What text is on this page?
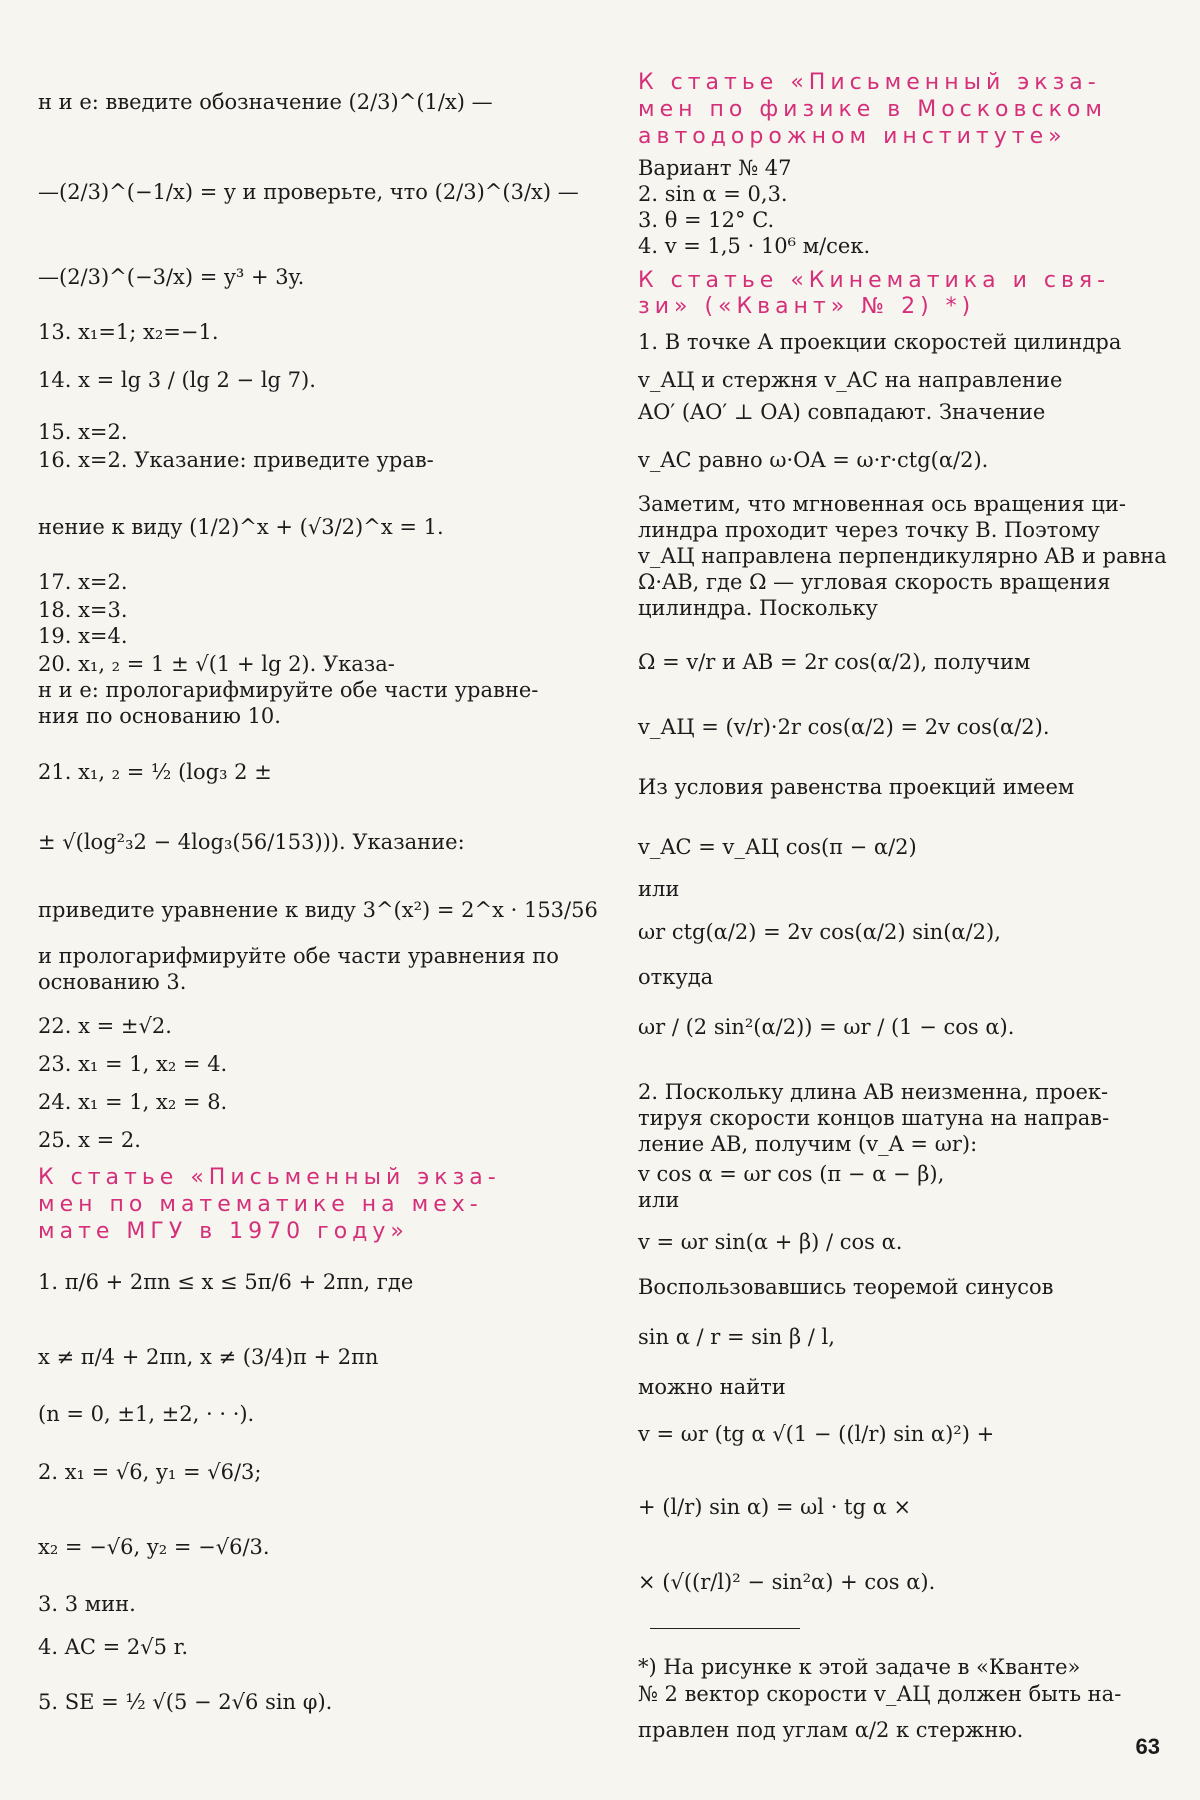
н и е: введите обозначение (2/3)^(1/x) —
—(2/3)^(−1/x) = y и проверьте, что (2/3)^(3/x) —
—(2/3)^(−3/x) = y³ + 3y.
13. x₁=1; x₂=−1.
14. x = lg 3 / (lg 2 − lg 7).
15. x=2.
16. x=2. Указание: приведите урав-
нение к виду (1/2)^x + (√3/2)^x = 1.
17. x=2.
18. x=3.
19. x=4.
20. x₁, ₂ = 1 ± √(1 + lg 2). Указа-
н и е: прологарифмируйте обе части уравне-
ния по основанию 10.
21. x₁, ₂ = ½ (log₃ 2 ±
± √(log²₃2 − 4log₃(56/153))). Указание:
приведите уравнение к виду 3^(x²) = 2^x · 153/56
и прологарифмируйте обе части уравнения по
основанию 3.
22. x = ±√2.
23. x₁ = 1, x₂ = 4.
24. x₁ = 1, x₂ = 8.
25. x = 2.
К статье «Письменный экза-
мен по математике на мех-
мате МГУ в 1970 году»
1. π/6 + 2πn ≤ x ≤ 5π/6 + 2πn, где
x ≠ π/4 + 2πn, x ≠ (3/4)π + 2πn
(n = 0, ±1, ±2, · · ·).
2. x₁ = √6, y₁ = √6/3;
x₂ = −√6, y₂ = −√6/3.
3. 3 мин.
4. AC = 2√5 r.
5. SE = ½ √(5 − 2√6 sin φ).
К статье «Письменный экза-
мен по физике в Московском
автодорожном институте»
Вариант № 47
2. sin α = 0,3.
3. θ = 12° C.
4. v = 1,5 · 10⁶ м/сек.
К статье «Кинематика и свя-
зи» («Квант» № 2) *)
1. В точке А проекции скоростей цилиндра
v_АЦ и стержня v_AC на направление
AO′ (AO′ ⊥ OA) совпадают. Значение
v_AC равно ω·OA = ω·r·ctg(α/2).
Заметим, что мгновенная ось вращения ци-
линдра проходит через точку B. Поэтому
v_АЦ направлена перпендикулярно AB и равна
Ω·AB, где Ω — угловая скорость вращения
цилиндра. Поскольку
Ω = v/r и AB = 2r cos(α/2), получим
v_АЦ = (v/r)·2r cos(α/2) = 2v cos(α/2).
Из условия равенства проекций имеем
v_AC = v_АЦ cos(π − α/2)
или
ωr ctg(α/2) = 2v cos(α/2) sin(α/2),
откуда
ωr / (2 sin²(α/2)) = ωr / (1 − cos α).
2. Поскольку длина AB неизменна, проек-
тируя скорости концов шатуна на направ-
ление AB, получим (v_A = ωr):
v cos α = ωr cos (π − α − β),
или
v = ωr sin(α + β) / cos α.
Воспользовавшись теоремой синусов
sin α / r = sin β / l,
можно найти
v = ωr (tg α √(1 − ((l/r) sin α)²) +
+ (l/r) sin α) = ωl · tg α ×
× (√((r/l)² − sin²α) + cos α).
*) На рисунке к этой задаче в «Кванте»
№ 2 вектор скорости v_АЦ должен быть на-
правлен под углам α/2 к стержню.
63
